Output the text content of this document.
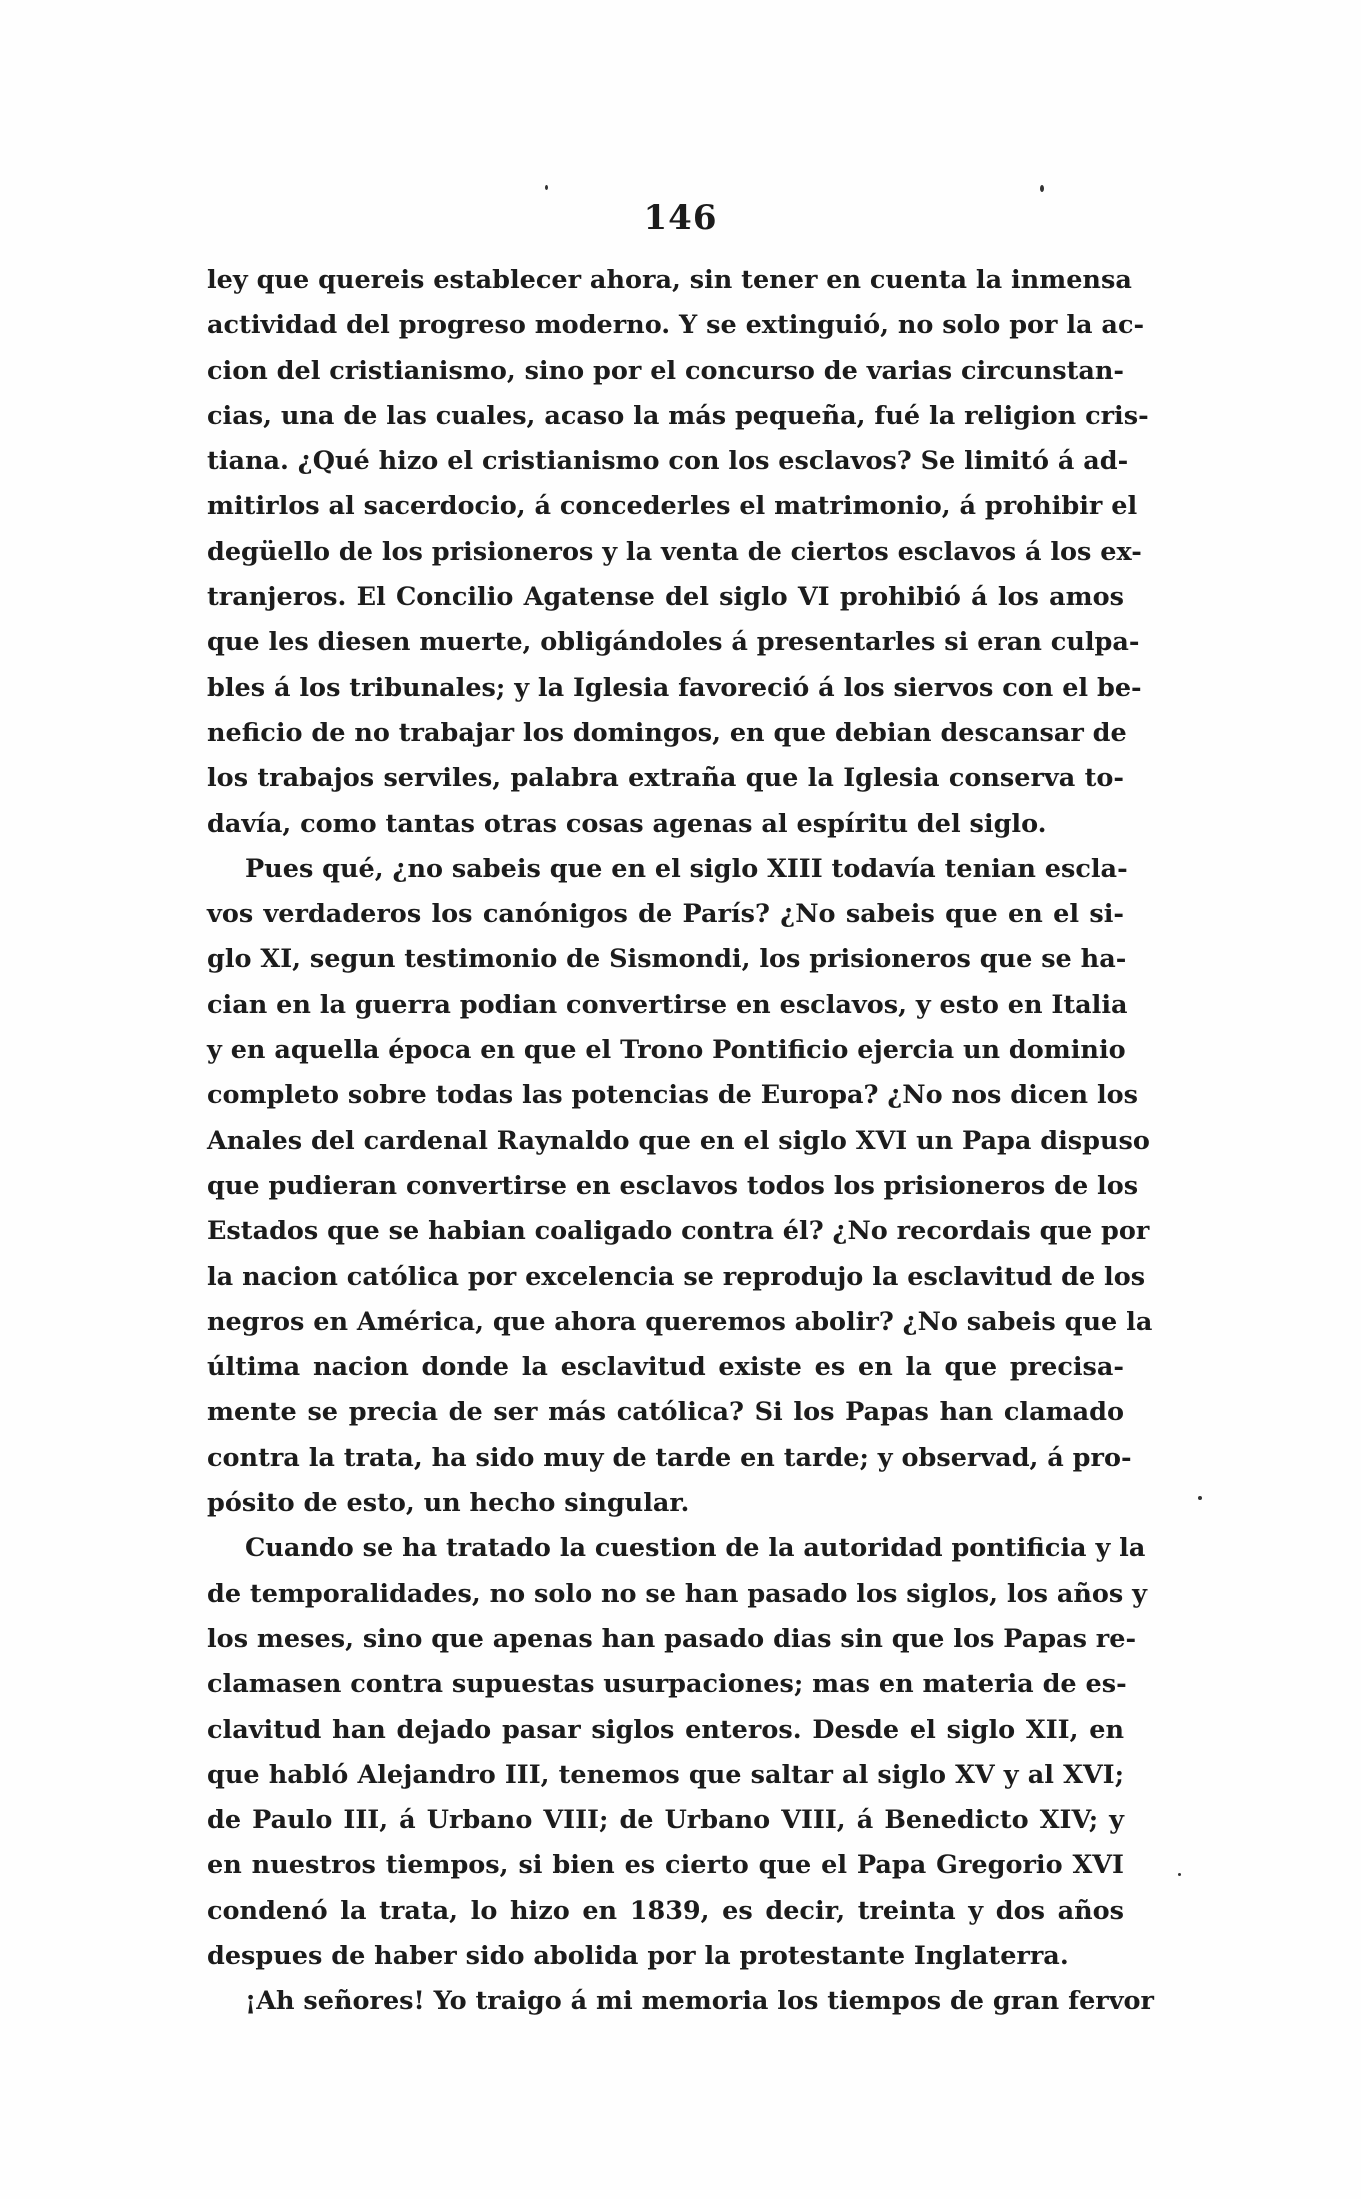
146
ley que quereis establecer ahora, sin tener en cuenta la inmensa
actividad del progreso moderno. Y se extinguió, no solo por la ac-
cion del cristianismo, sino por el concurso de varias circunstan-
cias, una de las cuales, acaso la más pequeña, fué la religion cris-
tiana. ¿Qué hizo el cristianismo con los esclavos? Se limitó á ad-
mitirlos al sacerdocio, á concederles el matrimonio, á prohibir el
degüello de los prisioneros y la venta de ciertos esclavos á los ex-
tranjeros. El Concilio Agatense del siglo VI prohibió á los amos
que les diesen muerte, obligándoles á presentarles si eran culpa-
bles á los tribunales; y la Iglesia favoreció á los siervos con el be-
neficio de no trabajar los domingos, en que debian descansar de
los trabajos serviles, palabra extraña que la Iglesia conserva to-
davía, como tantas otras cosas agenas al espíritu del siglo.
Pues qué, ¿no sabeis que en el siglo XIII todavía tenian escla-
vos verdaderos los canónigos de París? ¿No sabeis que en el si-
glo XI, segun testimonio de Sismondi, los prisioneros que se ha-
cian en la guerra podian convertirse en esclavos, y esto en Italia
y en aquella época en que el Trono Pontificio ejercia un dominio
completo sobre todas las potencias de Europa? ¿No nos dicen los
Anales del cardenal Raynaldo que en el siglo XVI un Papa dispuso
que pudieran convertirse en esclavos todos los prisioneros de los
Estados que se habian coaligado contra él? ¿No recordais que por
la nacion católica por excelencia se reprodujo la esclavitud de los
negros en América, que ahora queremos abolir? ¿No sabeis que la
última nacion donde la esclavitud existe es en la que precisa-
mente se precia de ser más católica? Si los Papas han clamado
contra la trata, ha sido muy de tarde en tarde; y observad, á pro-
pósito de esto, un hecho singular.
Cuando se ha tratado la cuestion de la autoridad pontificia y la
de temporalidades, no solo no se han pasado los siglos, los años y
los meses, sino que apenas han pasado dias sin que los Papas re-
clamasen contra supuestas usurpaciones; mas en materia de es-
clavitud han dejado pasar siglos enteros. Desde el siglo XII, en
que habló Alejandro III, tenemos que saltar al siglo XV y al XVI;
de Paulo III, á Urbano VIII; de Urbano VIII, á Benedicto XIV; y
en nuestros tiempos, si bien es cierto que el Papa Gregorio XVI
condenó la trata, lo hizo en 1839, es decir, treinta y dos años
despues de haber sido abolida por la protestante Inglaterra.
¡Ah señores! Yo traigo á mi memoria los tiempos de gran fervor
